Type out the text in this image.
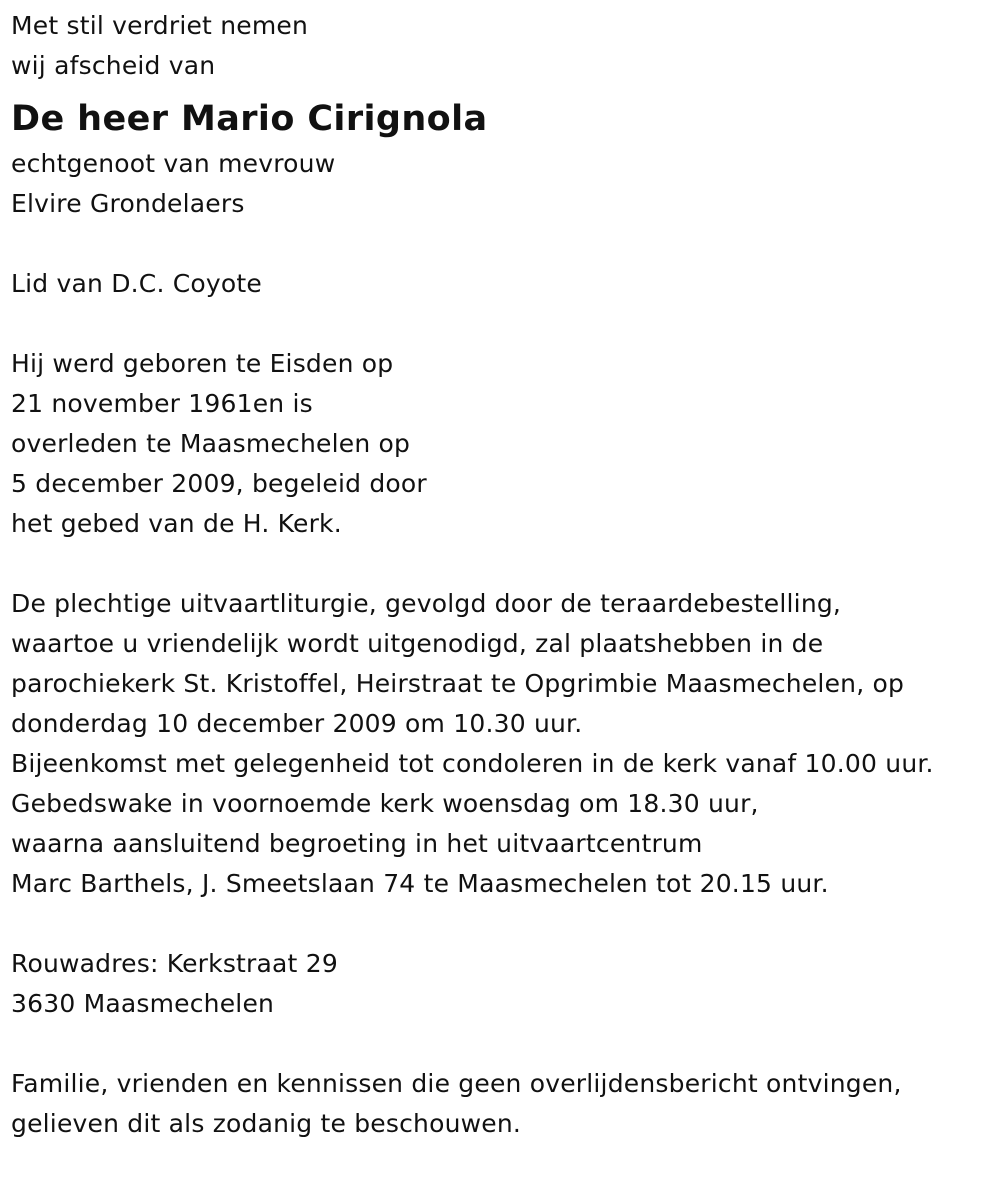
Met stil verdriet nemen
wij afscheid van
De heer Mario Cirignola
echtgenoot van mevrouw
Elvire Grondelaers
Lid van D.C. Coyote
Hij werd geboren te Eisden op
21 november 1961en is
overleden te Maasmechelen op
5 december 2009, begeleid door
het gebed van de H. Kerk.
De plechtige uitvaartliturgie, gevolgd door de teraardebestelling,
waartoe u vriendelijk wordt uitgenodigd, zal plaatshebben in de
parochiekerk St. Kristoffel, Heirstraat te Opgrimbie Maasmechelen, op
donderdag 10 december 2009 om 10.30 uur.
Bijeenkomst met gelegenheid tot condoleren in de kerk vanaf 10.00 uur.
Gebedswake in voornoemde kerk woensdag om 18.30 uur,
waarna aansluitend begroeting in het uitvaartcentrum
Marc Barthels, J. Smeetslaan 74 te Maasmechelen tot 20.15 uur.
Rouwadres: Kerkstraat 29
3630 Maasmechelen
Familie, vrienden en kennissen die geen overlijdensbericht ontvingen,
gelieven dit als zodanig te beschouwen.
